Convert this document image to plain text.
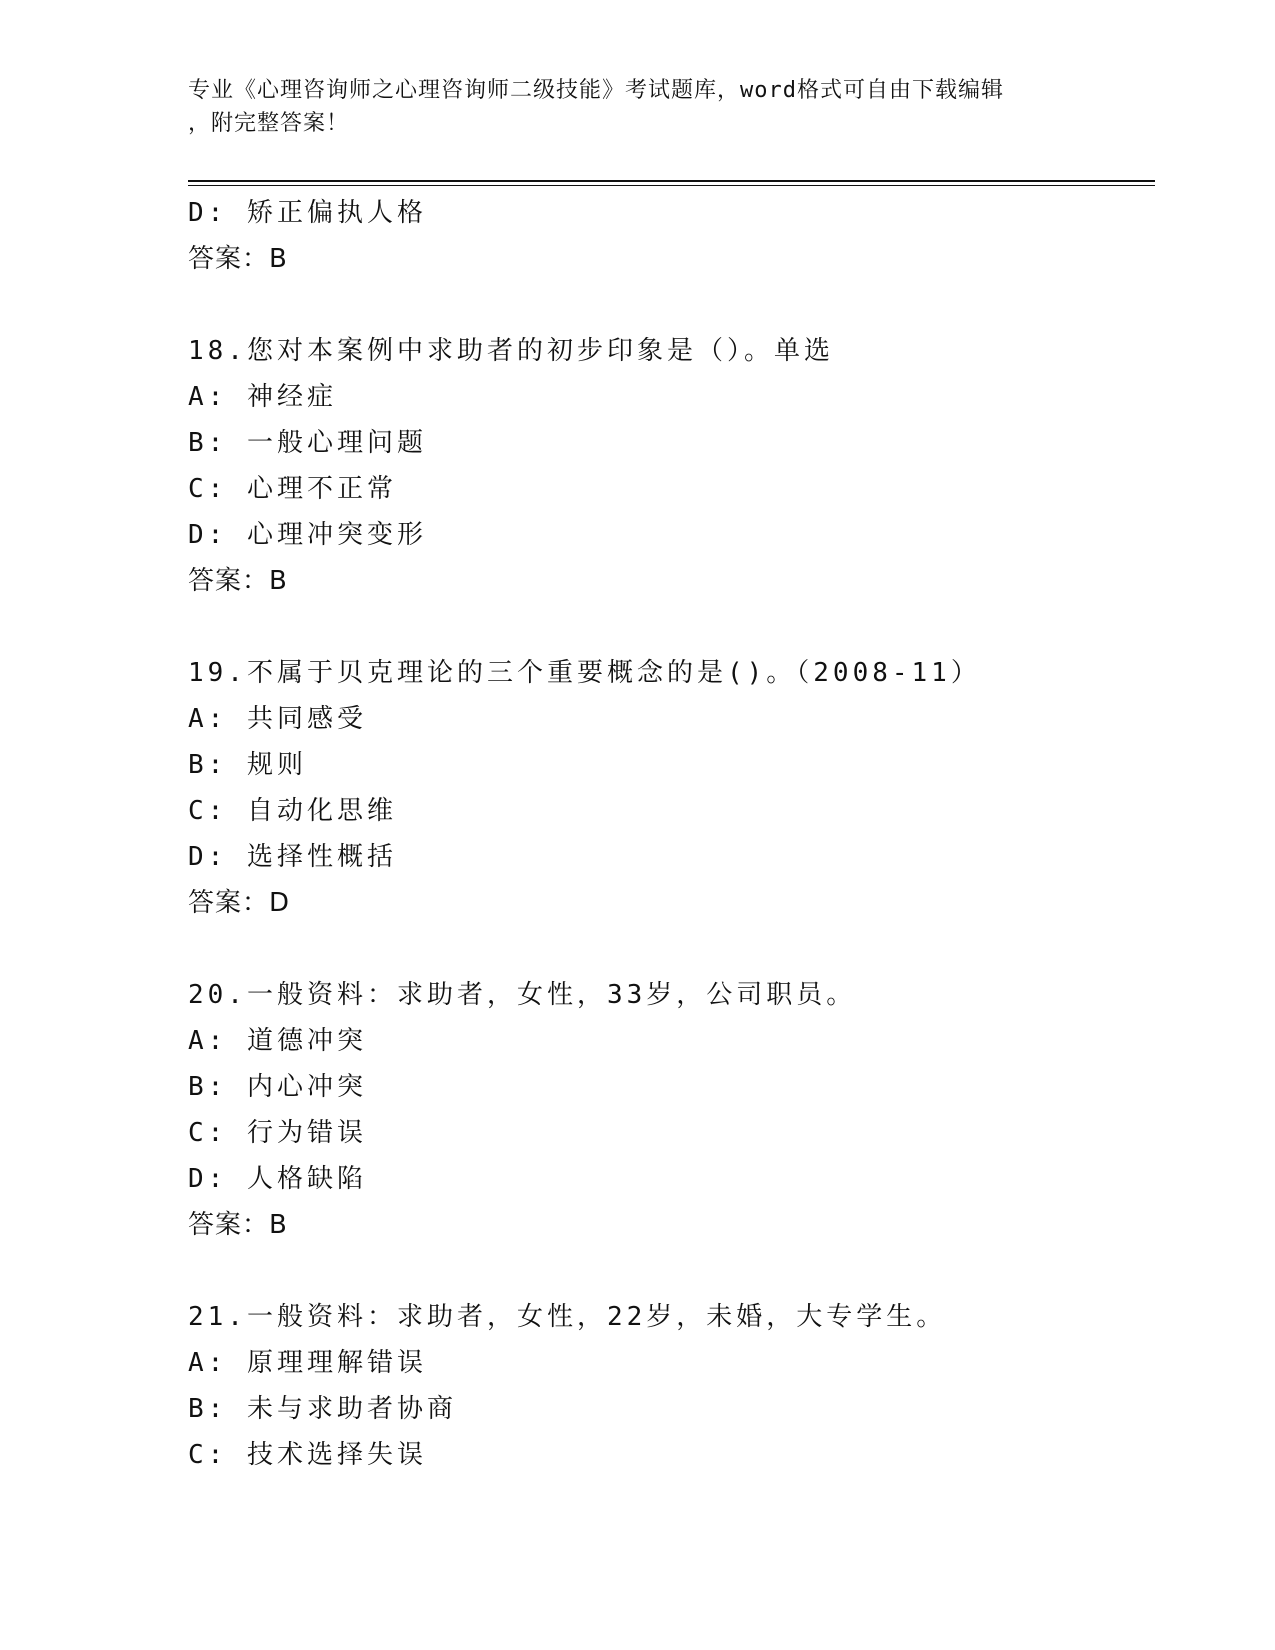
专业《心理咨询师之心理咨询师二级技能》考试题库，word格式可自由下载编辑
，附完整答案！
D: 矫正偏执人格
答案：B
18.您对本案例中求助者的初步印象是（）。单选
A: 神经症
B: 一般心理问题
C: 心理不正常
D: 心理冲突变形
答案：B
19.不属于贝克理论的三个重要概念的是()。（2008-11）
A: 共同感受
B: 规则
C: 自动化思维
D: 选择性概括
答案：D
20.一般资料：求助者，女性，33岁，公司职员。
A: 道德冲突
B: 内心冲突
C: 行为错误
D: 人格缺陷
答案：B
21.一般资料：求助者，女性，22岁，未婚，大专学生。
A: 原理理解错误
B: 未与求助者协商
C: 技术选择失误
